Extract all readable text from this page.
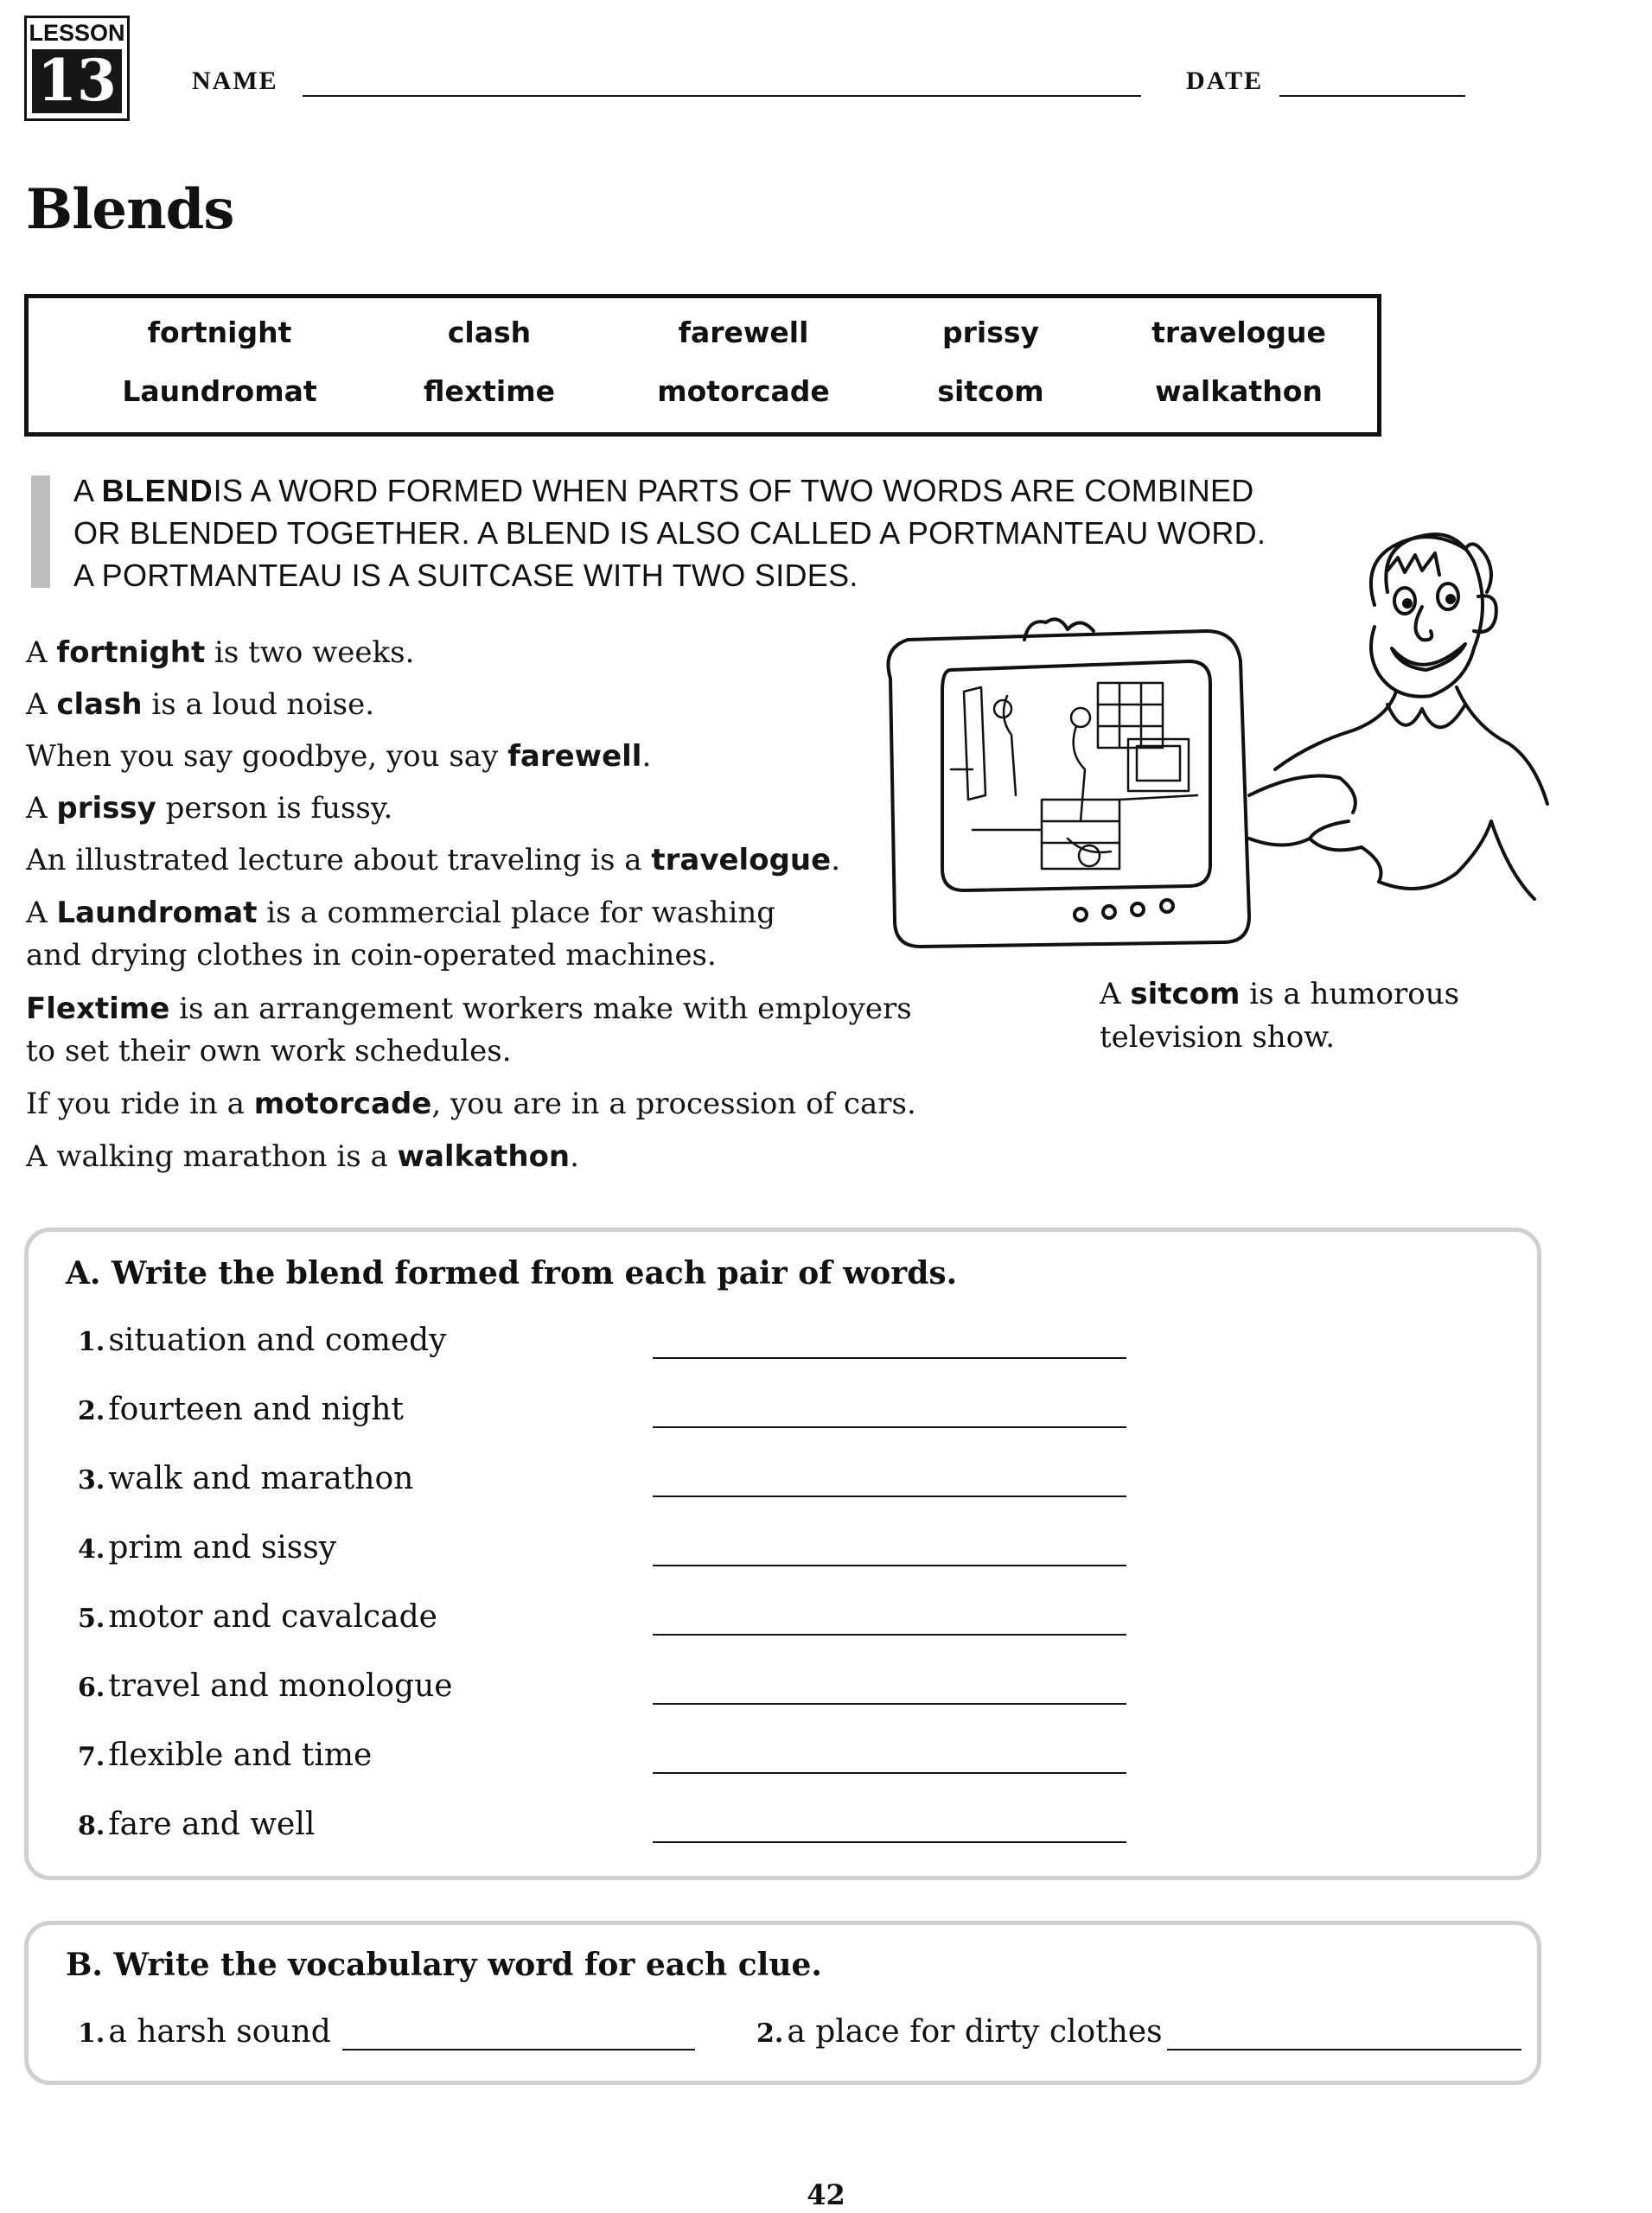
LESSON
13	NAME	DATE
Blends
fortnight	clash	farewell	prissy	travelogue
Laundromat	flextime	motorcade	sitcom	walkathon
A BLENDIS A WORD FORMED WHEN PARTS OF TWO WORDS ARE COMBINED
OR BLENDED TOGETHER. A BLEND IS ALSO CALLED A PORTMANTEAU WORD.
A PORTMANTEAU IS A SUITCASE WITH TWO SIDES.
A fortnight is two weeks.
A clash is a loud noise.
When you say goodbye, you say farewell.
A prissy person is fussy.
An illustrated lecture about traveling is a travelogue.
A Laundromat is a commercial place for washing
and drying clothes in coin-operated machines.
Flextime is an arrangement workers make with employers
to set their own work schedules.
If you ride in a motorcade, you are in a procession of cars.
A walking marathon is a walkathon.
A sitcom is a humorous
television show.
A. Write the blend formed from each pair of words.
1. situation and comedy
2. fourteen and night
3. walk and marathon
4. prim and sissy
5. motor and cavalcade
6. travel and monologue
7. flexible and time
8. fare and well
B. Write the vocabulary word for each clue.
1. a harsh sound	2. a place for dirty clothes
42
